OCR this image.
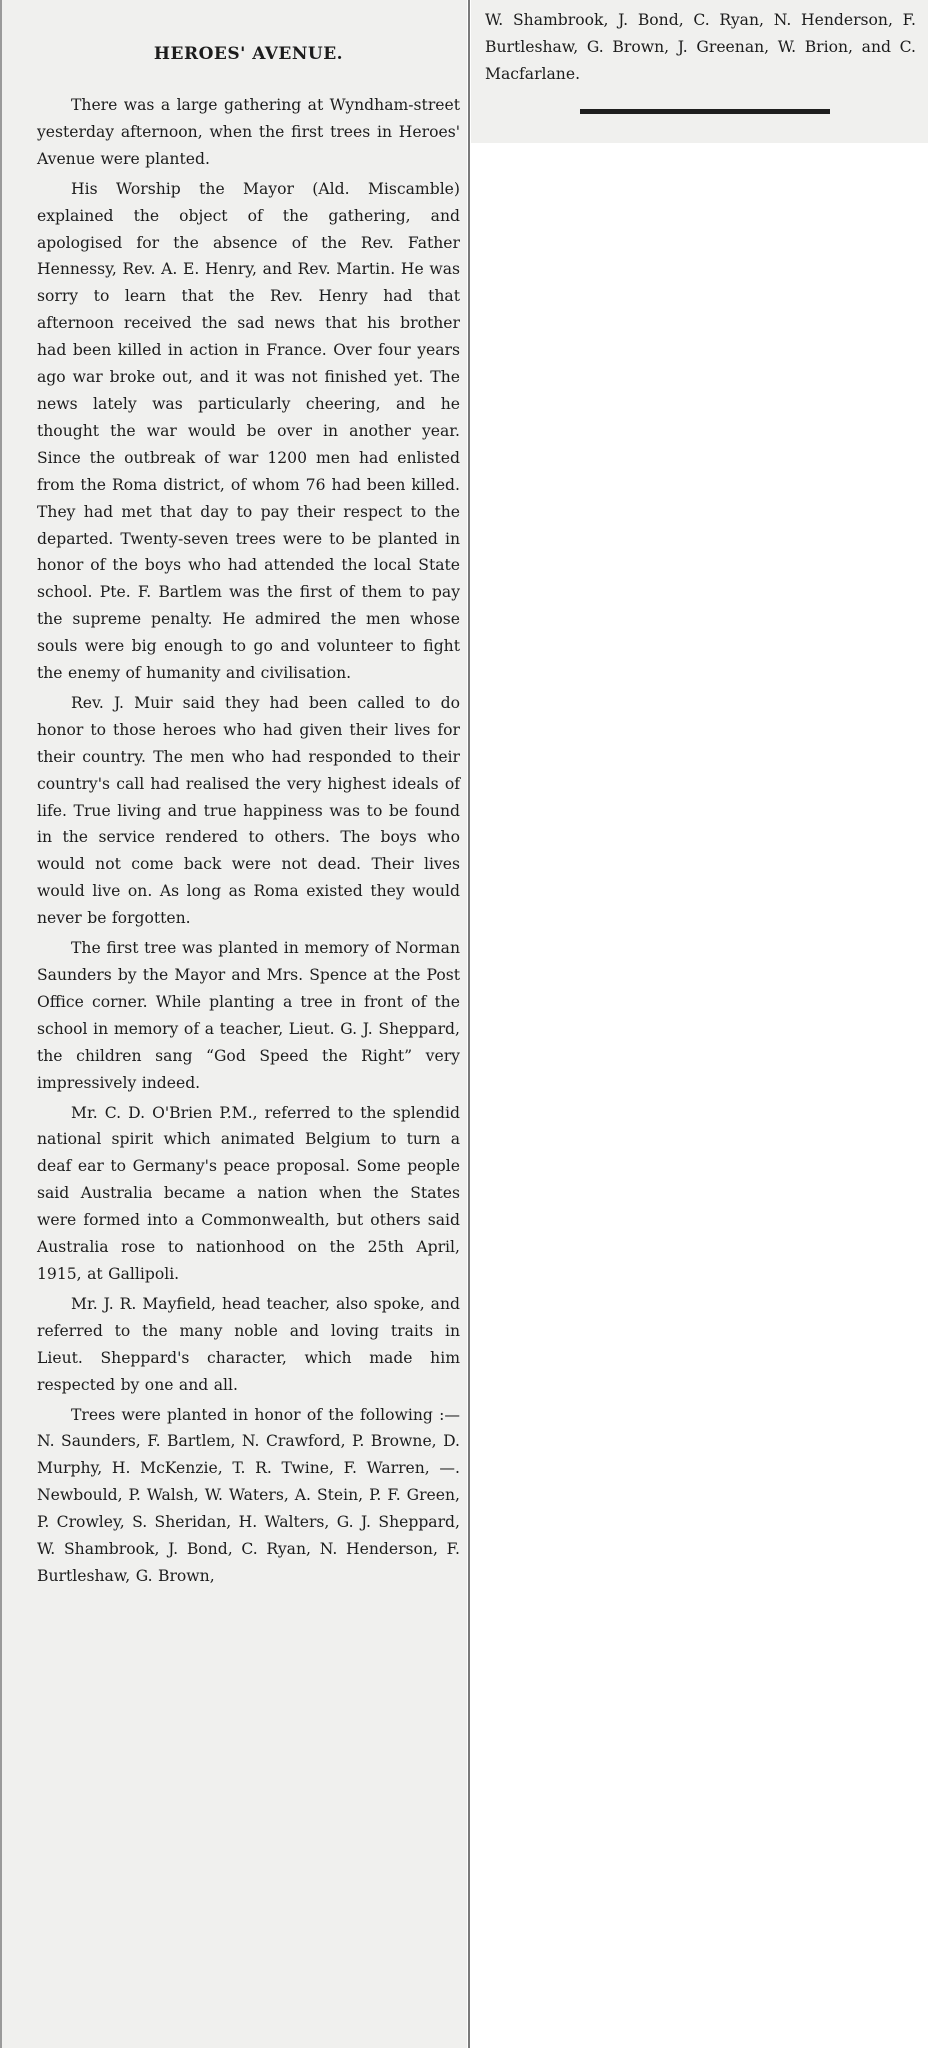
HEROES' AVENUE.

There was a large gathering at Wyndham-street yesterday afternoon, when the first trees in Heroes' Avenue were planted.

His Worship the Mayor (Ald. Miscamble) explained the object of the gathering, and apologised for the absence of the Rev. Father Hennessy, Rev. A. E. Henry, and Rev. Martin. He was sorry to learn that the Rev. Henry had that afternoon received the sad news that his brother had been killed in action in France. Over four years ago war broke out, and it was not finished yet. The news lately was particularly cheering, and he thought the war would be over in another year. Since the outbreak of war 1200 men had enlisted from the Roma district, of whom 76 had been killed. They had met that day to pay their respect to the departed. Twenty-seven trees were to be planted in honor of the boys who had attended the local State school. Pte. F. Bartlem was the first of them to pay the supreme penalty. He admired the men whose souls were big enough to go and volunteer to fight the enemy of humanity and civilisation.

Rev. J. Muir said they had been called to do honor to those heroes who had given their lives for their country. The men who had responded to their country's call had realised the very highest ideals of life. True living and true happiness was to be found in the service rendered to others. The boys who would not come back were not dead. Their lives would live on. As long as Roma existed they would never be forgotten.

The first tree was planted in memory of Norman Saunders by the Mayor and Mrs. Spence at the Post Office corner. While planting a tree in front of the school in memory of a teacher, Lieut. G. J. Sheppard, the children sang “God Speed the Right” very impressively indeed.

Mr. C. D. O'Brien P.M., referred to the splendid national spirit which animated Belgium to turn a deaf ear to Germany's peace proposal. Some people said Australia became a nation when the States were formed into a Commonwealth, but others said Australia rose to nationhood on the 25th April, 1915, at Gallipoli.

Mr. J. R. Mayfield, head teacher, also spoke, and referred to the many noble and loving traits in Lieut. Sheppard's character, which made him respected by one and all.

Trees were planted in honor of the following :—N. Saunders, F. Bartlem, N. Crawford, P. Browne, D. Murphy, H. McKenzie, T. R. Twine, F. Warren, —. Newbould, P. Walsh, W. Waters, A. Stein, P. F. Green, P. Crowley, S. Sheridan, H. Walters, G. J. Sheppard, W. Shambrook, J. Bond, C. Ryan, N. Henderson, F. Burtleshaw, G. Brown,

W. Shambrook, J. Bond, C. Ryan, N. Henderson, F. Burtleshaw, G. Brown, J. Greenan, W. Brion, and C. Macfarlane.
